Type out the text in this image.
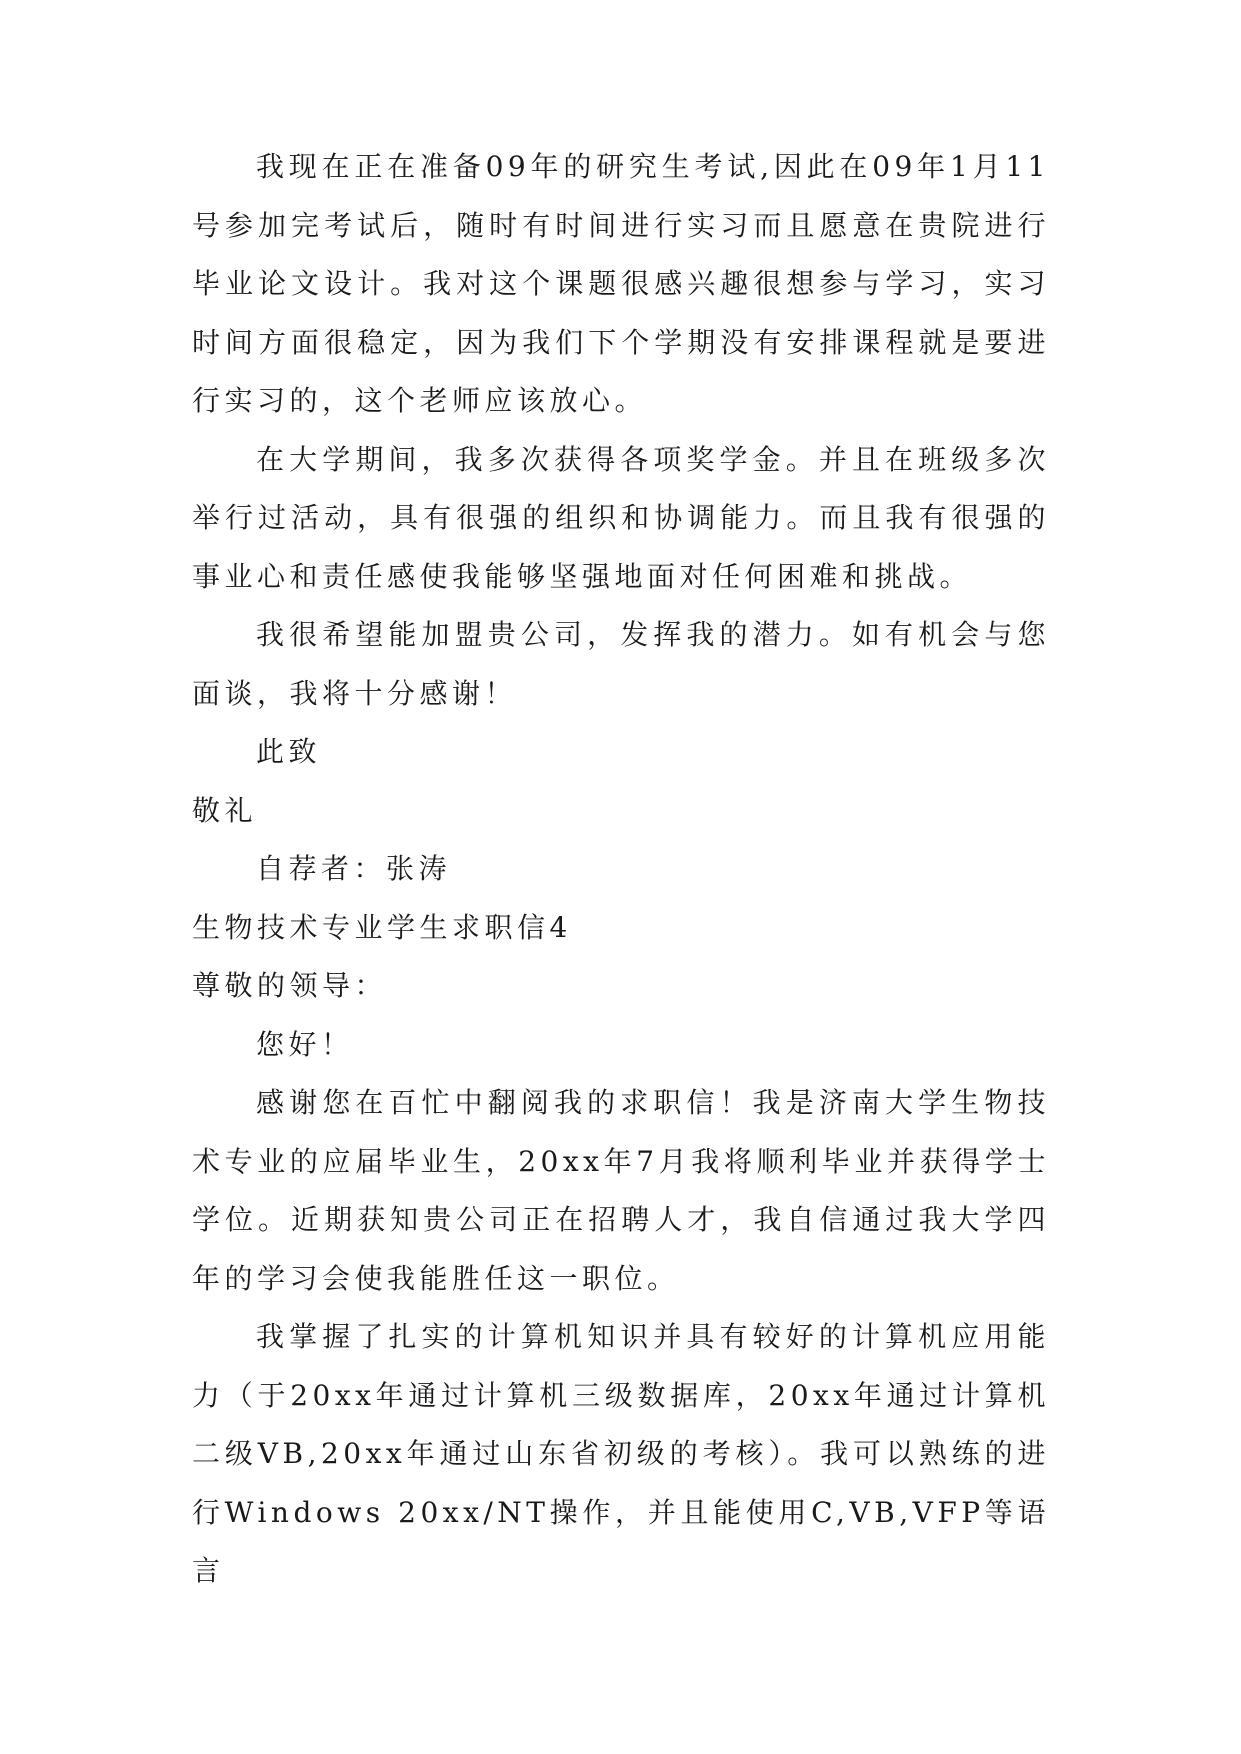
我现在正在准备09年的研究生考试,因此在09年1月11号参加完考试后，随时有时间进行实习而且愿意在贵院进行毕业论文设计。我对这个课题很感兴趣很想参与学习，实习时间方面很稳定，因为我们下个学期没有安排课程就是要进行实习的，这个老师应该放心。

在大学期间，我多次获得各项奖学金。并且在班级多次举行过活动，具有很强的组织和协调能力。而且我有很强的事业心和责任感使我能够坚强地面对任何困难和挑战。

我很希望能加盟贵公司，发挥我的潜力。如有机会与您面谈，我将十分感谢！

此致

敬礼

自荐者：张涛

生物技术专业学生求职信4

尊敬的领导：

您好！

感谢您在百忙中翻阅我的求职信！我是济南大学生物技术专业的应届毕业生，20xx年7月我将顺利毕业并获得学士学位。近期获知贵公司正在招聘人才，我自信通过我大学四年的学习会使我能胜任这一职位。

我掌握了扎实的计算机知识并具有较好的计算机应用能力（于20xx年通过计算机三级数据库，20xx年通过计算机二级VB,20xx年通过山东省初级的考核）。我可以熟练的进行Windows 20xx/NT操作，并且能使用C,VB,VFP等语言
